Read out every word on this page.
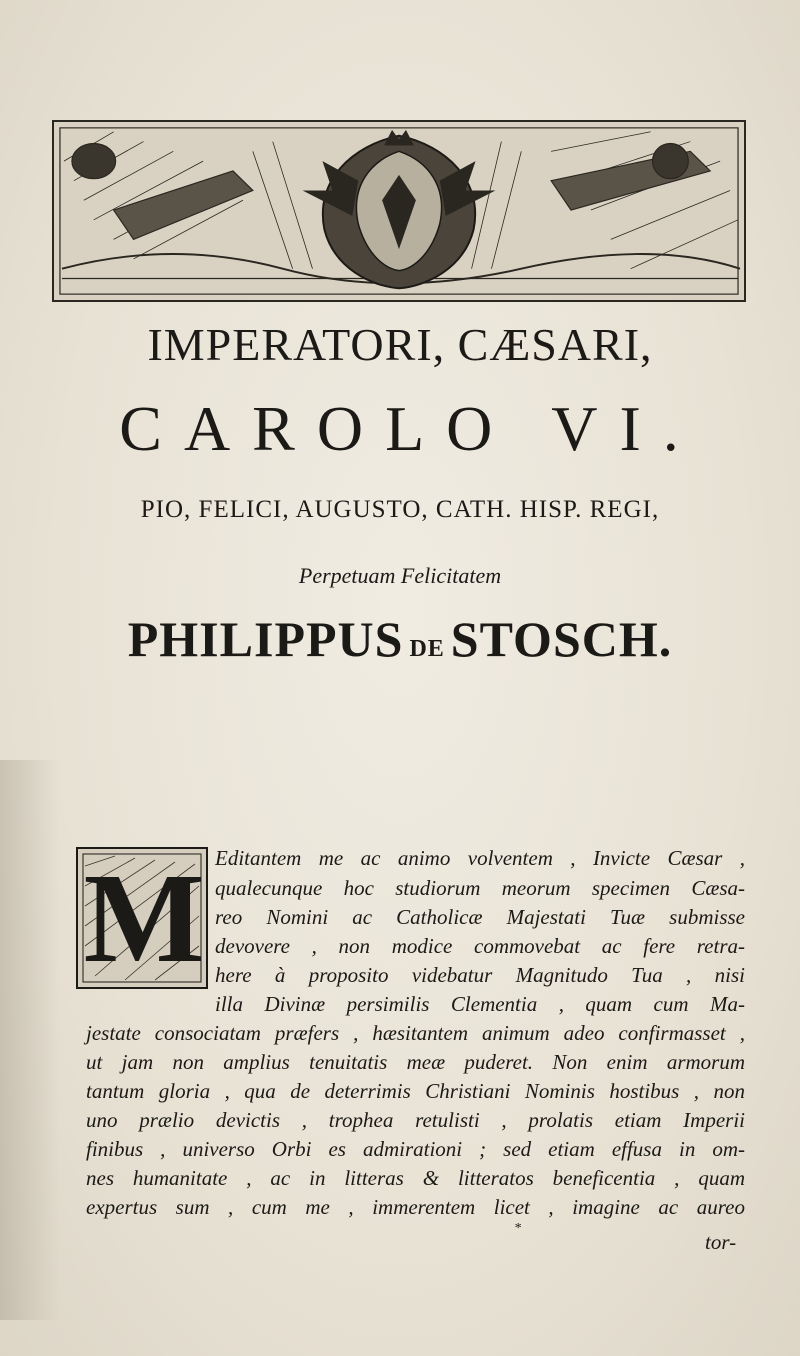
IMPERATORI, CÆSARI,
CAROLO VI.
PIO, FELICI, AUGUSTO, CATH. HISP. REGI,
Perpetuam Felicitatem
PHILIPPUS DE STOSCH.
M Editantem me ac animo volventem , Invicte Cæsar ,
qualecunque hoc studiorum meorum specimen Cæsa-
reo Nomini ac Catholicæ Majestati Tuæ submisse
devovere , non modice commovebat ac fere retra-
here à proposito videbatur Magnitudo Tua , nisi
illa Divinæ persimilis Clementia , quam cum Ma-
jestate consociatam præfers , hæsitantem animum adeo confirmasset ,
ut jam non amplius tenuitatis meæ puderet. Non enim armorum
tantum gloria , qua de deterrimis Christiani Nominis hostibus , non
uno prælio devictis , trophea retulisti , prolatis etiam Imperii
finibus , universo Orbi es admirationi ; sed etiam effusa in om-
nes humanitate , ac in litteras & litteratos beneficentia , quam
expertus sum , cum me , immerentem licet , imagine ac aureo
*
tor-
